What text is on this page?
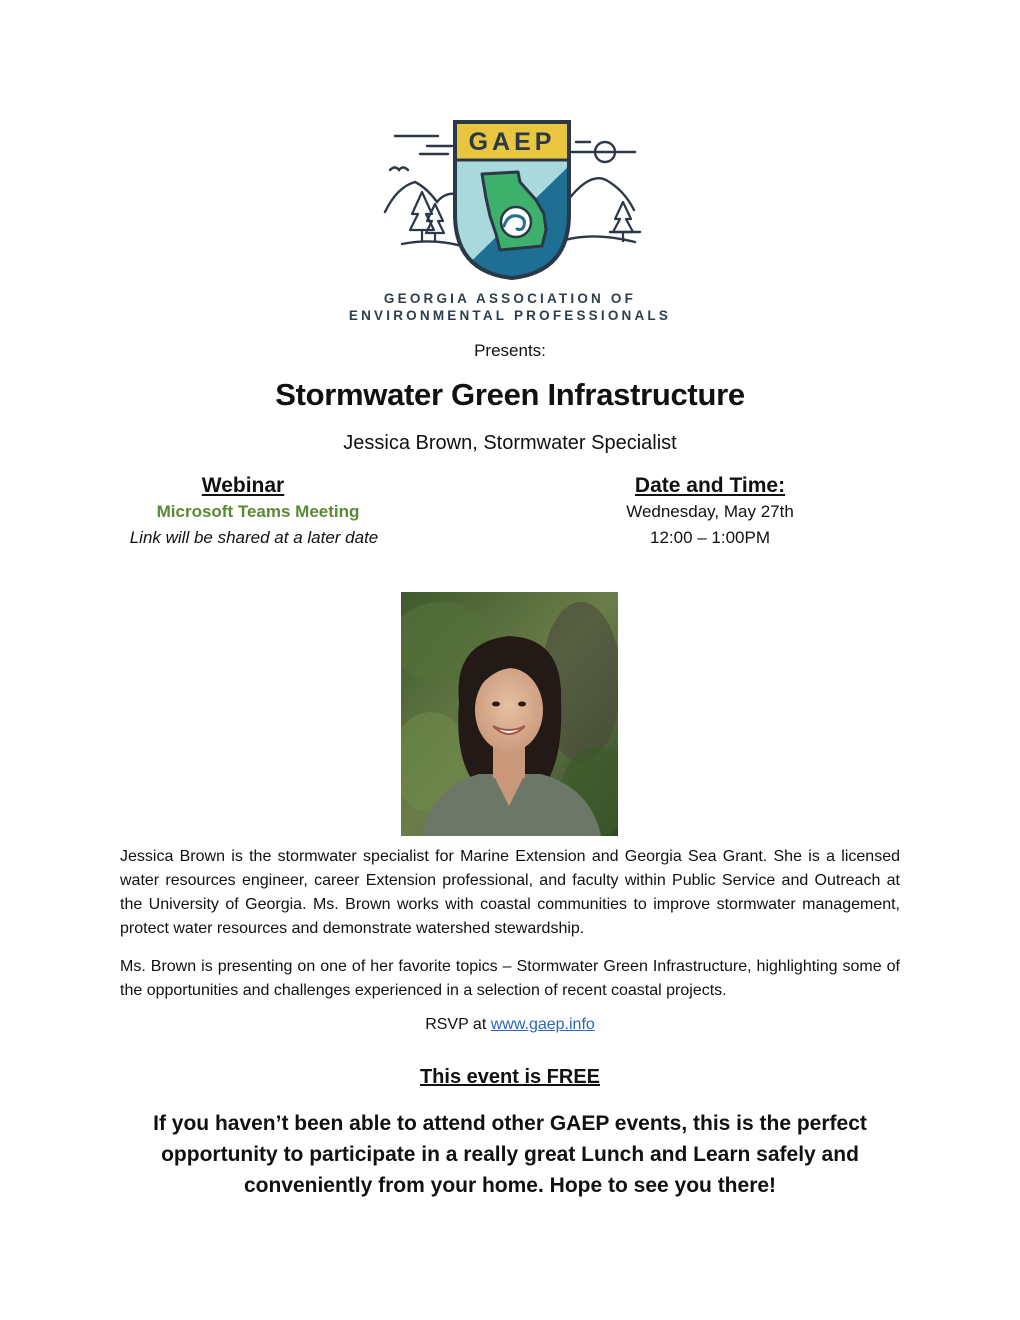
GAEP
GEORGIA ASSOCIATION OF
ENVIRONMENTAL PROFESSIONALS
Presents:
Stormwater Green Infrastructure
Jessica Brown, Stormwater Specialist
Webinar
Microsoft Teams Meeting
Link will be shared at a later date
Date and Time:
Wednesday, May 27th
12:00 – 1:00PM
Jessica Brown is the stormwater specialist for Marine Extension and Georgia Sea Grant. She is a licensed water resources engineer, career Extension professional, and faculty within Public Service and Outreach at the University of Georgia. Ms. Brown works with coastal communities to improve stormwater management, protect water resources and demonstrate watershed stewardship.
Ms. Brown is presenting on one of her favorite topics – Stormwater Green Infrastructure, highlighting some of the opportunities and challenges experienced in a selection of recent coastal projects.
RSVP at www.gaep.info
This event is FREE
If you haven’t been able to attend other GAEP events, this is the perfect opportunity to participate in a really great Lunch and Learn safely and conveniently from your home. Hope to see you there!
